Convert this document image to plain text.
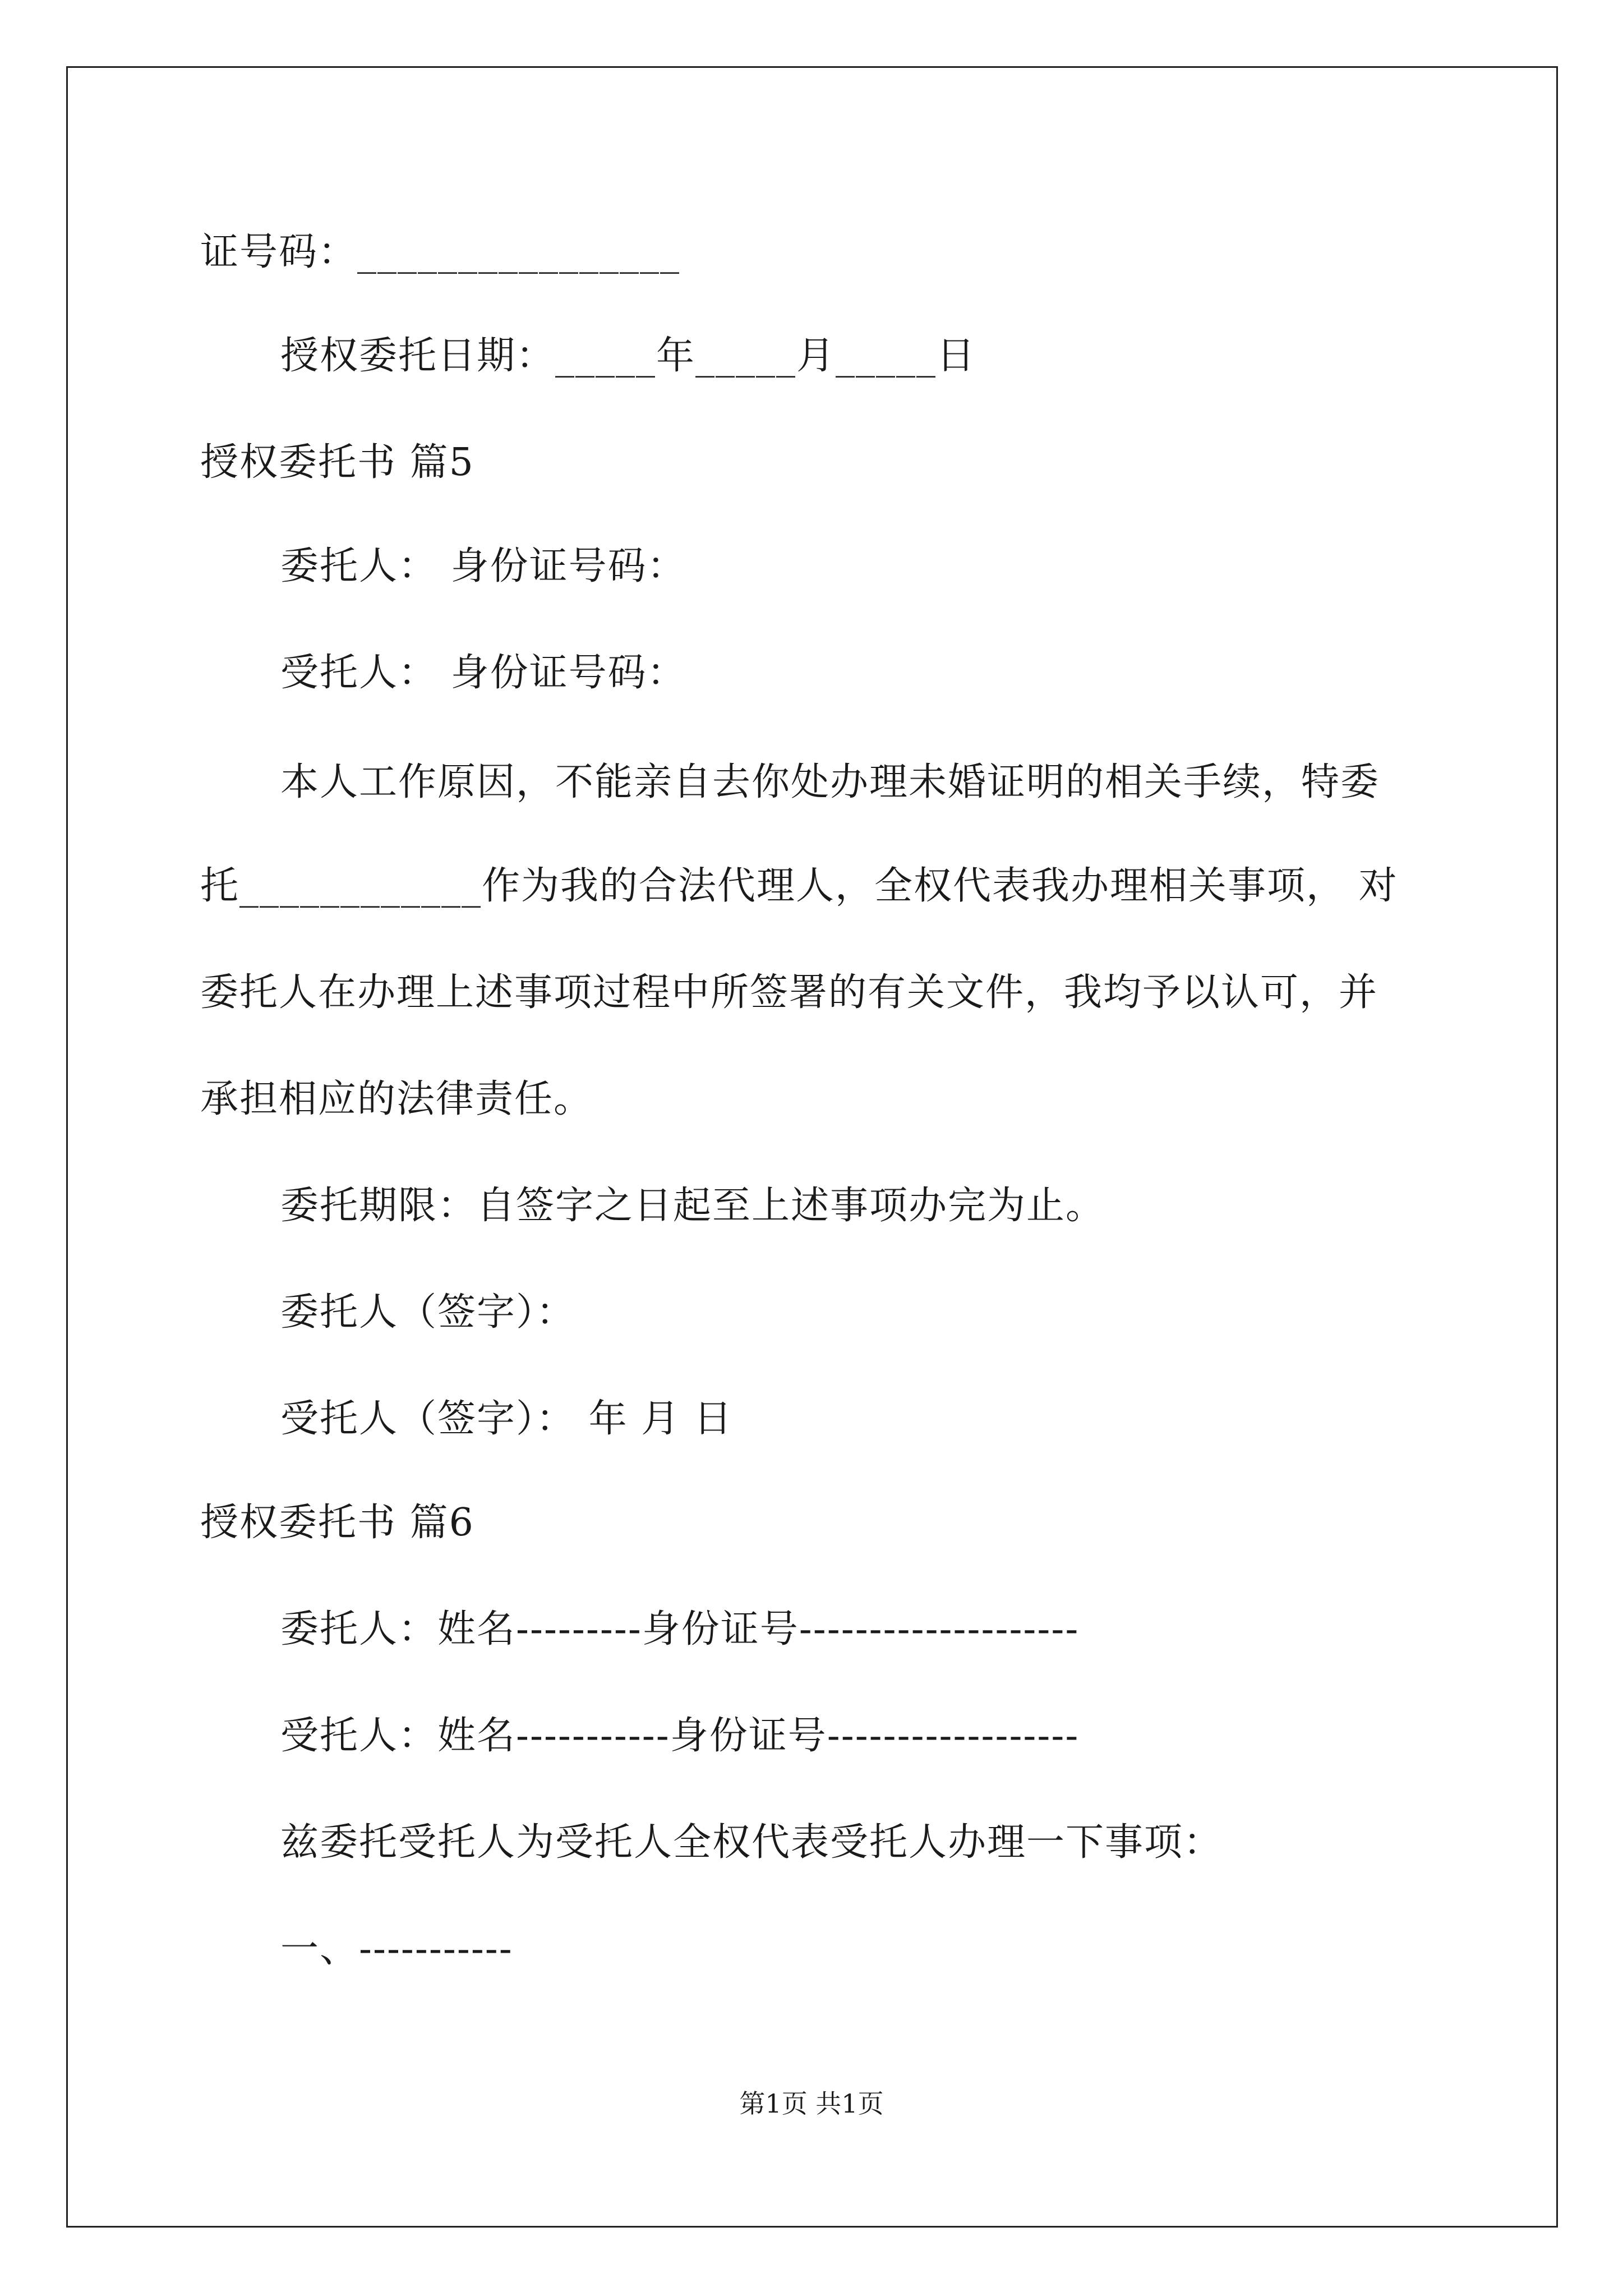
证号码：________________
授权委托日期：_____年_____月_____日
授权委托书 篇5
委托人： 身份证号码：
受托人： 身份证号码：
本人工作原因，不能亲自去你处办理未婚证明的相关手续，特委
托____________作为我的合法代理人，全权代表我办理相关事项， 对
委托人在办理上述事项过程中所签署的有关文件，我均予以认可，并
承担相应的法律责任。
委托期限：自签字之日起至上述事项办完为止。
委托人（签字）：
受托人（签字）： 年 月 日
授权委托书 篇6
委托人：姓名---------身份证号--------------------
受托人：姓名-----------身份证号------------------
兹委托受托人为受托人全权代表受托人办理一下事项：
一、-----------
第1页 共1页
